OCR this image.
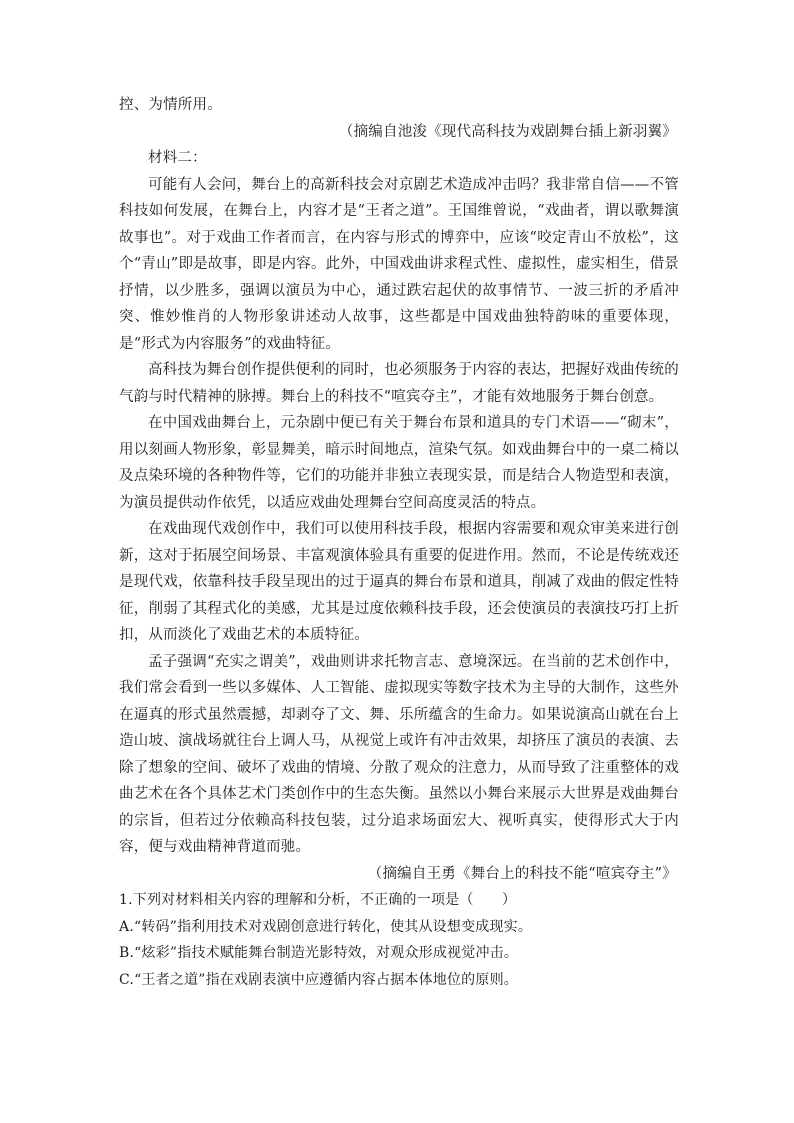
控、为情所用。

（摘编自池浚《现代高科技为戏剧舞台插上新羽翼》

材料二：

可能有人会问，舞台上的高新科技会对京剧艺术造成冲击吗？我非常自信——不管科技如何发展，在舞台上，内容才是“王者之道”。王国维曾说，“戏曲者，谓以歌舞演故事也”。对于戏曲工作者而言，在内容与形式的博弈中，应该“咬定青山不放松”，这个“青山”即是故事，即是内容。此外，中国戏曲讲求程式性、虚拟性，虚实相生，借景抒情，以少胜多，强调以演员为中心，通过跌宕起伏的故事情节、一波三折的矛盾冲突、惟妙惟肖的人物形象讲述动人故事，这些都是中国戏曲独特韵味的重要体现，是“形式为内容服务”的戏曲特征。

高科技为舞台创作提供便利的同时，也必须服务于内容的表达，把握好戏曲传统的气韵与时代精神的脉搏。舞台上的科技不“喧宾夺主”，才能有效地服务于舞台创意。

在中国戏曲舞台上，元杂剧中便已有关于舞台布景和道具的专门术语——“砌末”，用以刻画人物形象，彰显舞美，暗示时间地点，渲染气氛。如戏曲舞台中的一桌二椅以及点染环境的各种物件等，它们的功能并非独立表现实景，而是结合人物造型和表演，为演员提供动作依凭，以适应戏曲处理舞台空间高度灵活的特点。

在戏曲现代戏创作中，我们可以使用科技手段，根据内容需要和观众审美来进行创新，这对于拓展空间场景、丰富观演体验具有重要的促进作用。然而，不论是传统戏还是现代戏，依靠科技手段呈现出的过于逼真的舞台布景和道具，削减了戏曲的假定性特征，削弱了其程式化的美感，尤其是过度依赖科技手段，还会使演员的表演技巧打上折扣，从而淡化了戏曲艺术的本质特征。

孟子强调“充实之谓美”，戏曲则讲求托物言志、意境深远。在当前的艺术创作中，我们常会看到一些以多媒体、人工智能、虚拟现实等数字技术为主导的大制作，这些外在逼真的形式虽然震撼，却剥夺了文、舞、乐所蕴含的生命力。如果说演高山就在台上造山坡、演战场就往台上调人马，从视觉上或许有冲击效果，却挤压了演员的表演、去除了想象的空间、破坏了戏曲的情境、分散了观众的注意力，从而导致了注重整体的戏曲艺术在各个具体艺术门类创作中的生态失衡。虽然以小舞台来展示大世界是戏曲舞台的宗旨，但若过分依赖高科技包装，过分追求场面宏大、视听真实，使得形式大于内容，便与戏曲精神背道而驰。

（摘编自王勇《舞台上的科技不能“喧宾夺主”》

1.下列对材料相关内容的理解和分析，不正确的一项是（　　）

A.“转码”指利用技术对戏剧创意进行转化，使其从设想变成现实。

B.“炫彩”指技术赋能舞台制造光影特效，对观众形成视觉冲击。

C.“王者之道”指在戏剧表演中应遵循内容占据本体地位的原则。
